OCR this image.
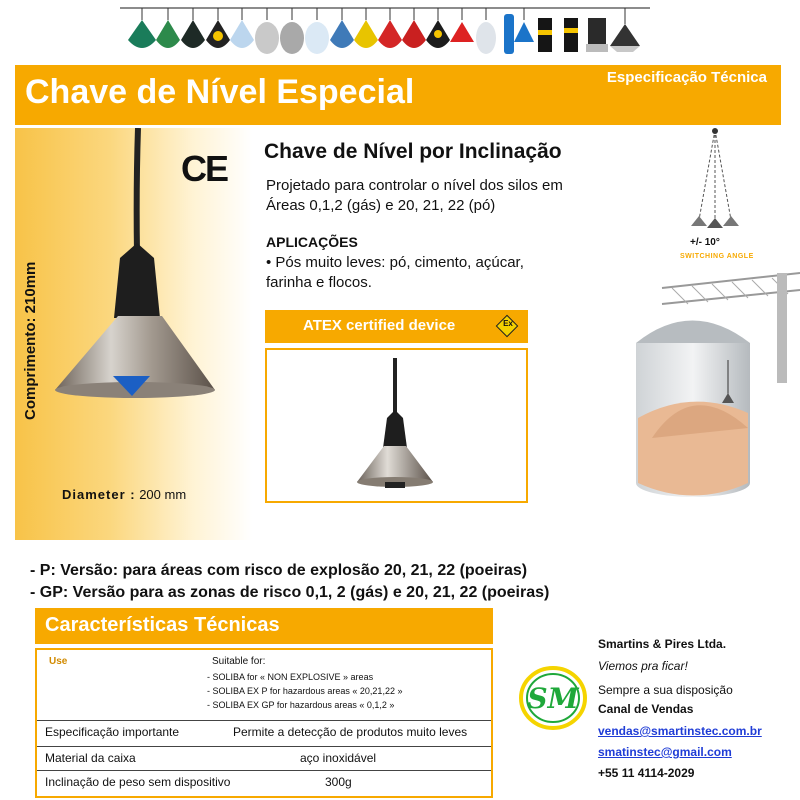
Chave de Nível Especial	Especificação Técnica
CE
Comprimento: 210mm
Diameter : 200 mm
Chave de Nível por Inclinação
Projetado para controlar o nível dos silos em Áreas 0,1,2 (gás) e 20, 21, 22 (pó)
APLICAÇÕES
• Pós muito leves: pó, cimento, açúcar, farinha e flocos.
ATEX certified device	Ex
+/- 10°
SWITCHING ANGLE
- P: Versão: para áreas com risco de explosão 20, 21, 22 (poeiras)
- GP: Versão para as zonas de risco 0,1, 2 (gás) e 20, 21, 22 (poeiras)
Características Técnicas
Use	Suitable for:
- SOLIBA for « NON EXPLOSIVE » areas
- SOLIBA EX P for hazardous areas « 20,21,22 »
- SOLIBA EX GP for hazardous areas « 0,1,2 »
Especificação importante	Permite a detecção de produtos muito leves
Material da caixa	aço inoxidável
Inclinação de peso sem dispositivo	300g
SM
Smartins & Pires Ltda.
Viemos pra ficar!
Sempre a sua disposição
Canal de Vendas
vendas@smartinstec.com.br
smatinstec@gmail.com
+55 11 4114-2029
